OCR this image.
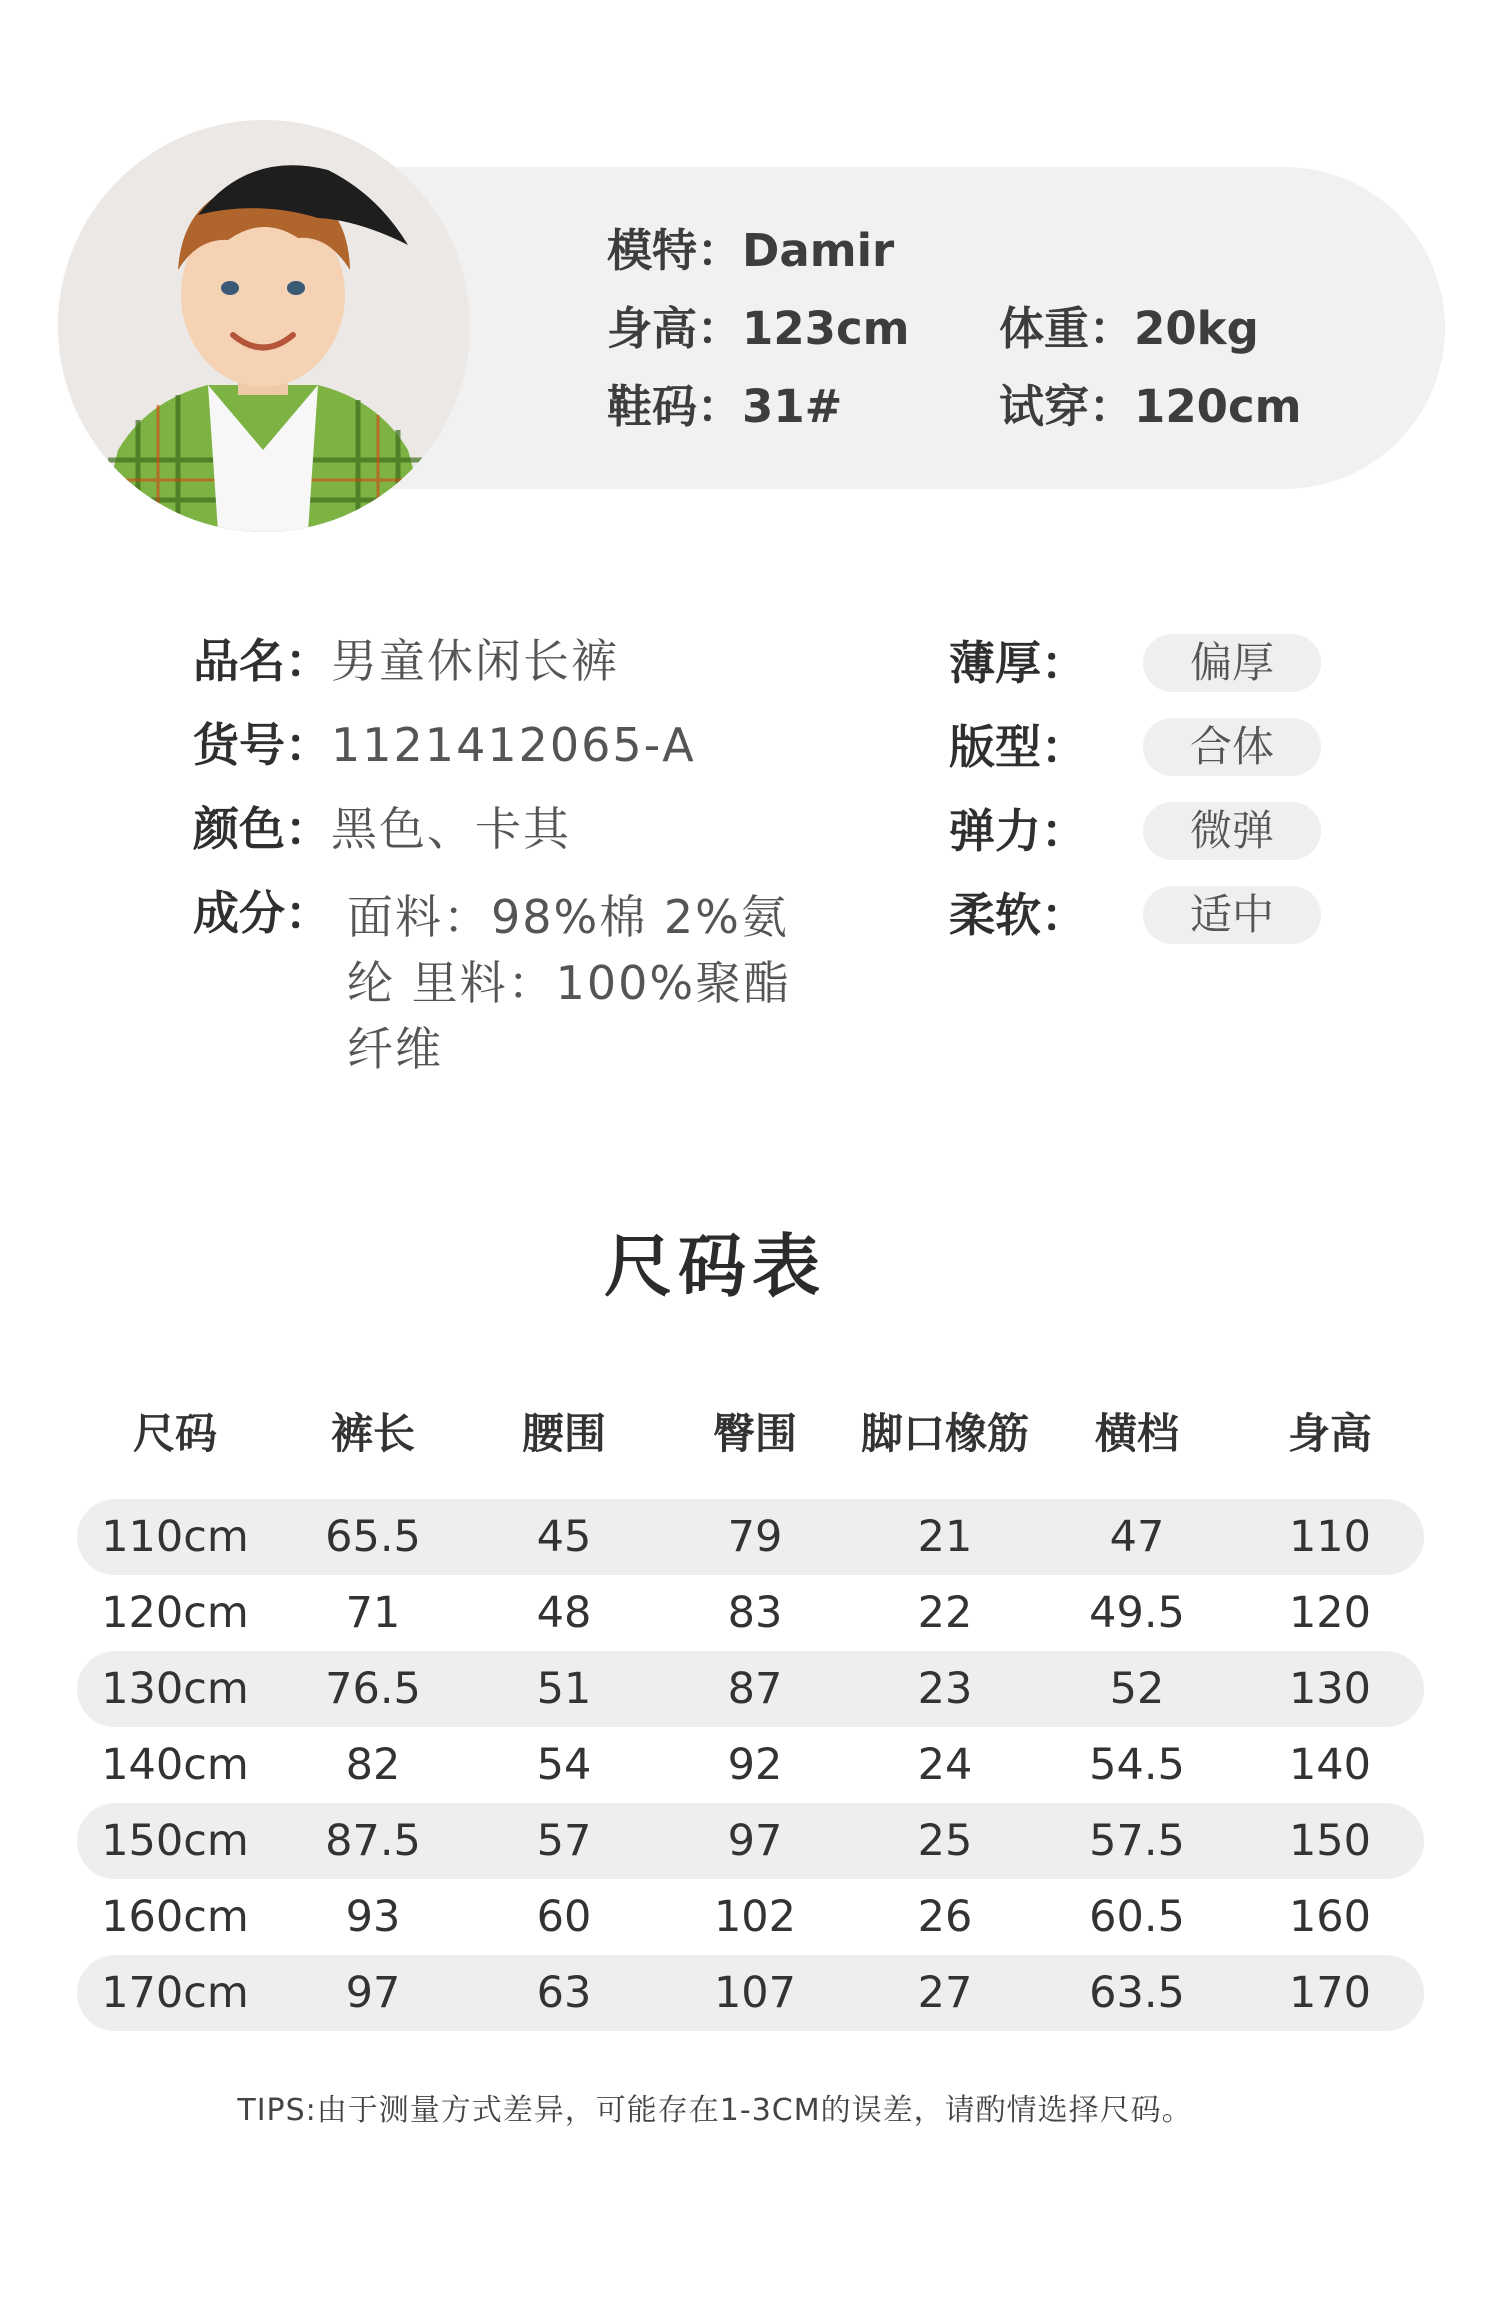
模特：Damir
身高：123cm 体重：20kg
鞋码：31#	试穿：120cm
品名：男童休闲长裤
货号：1121412065-A
颜色：黑色、卡其
成分： 面料：98%棉 2%氨纶 里料：100%聚酯纤维
薄厚：	偏厚
版型：	合体
弹力：	微弹
柔软：	适中
尺码表
尺码	裤长	腰围	臀围	脚口橡筋	横档	身高
110cm	65.5	45	79	21	47	110
120cm	71	48	83	22	49.5	120
130cm	76.5	51	87	23	52	130
140cm	82	54	92	24	54.5	140
150cm	87.5	57	97	25	57.5	150
160cm	93	60	102	26	60.5	160
170cm	97	63	107	27	63.5	170
TIPS:由于测量方式差异，可能存在1-3CM的误差，请酌情选择尺码。
